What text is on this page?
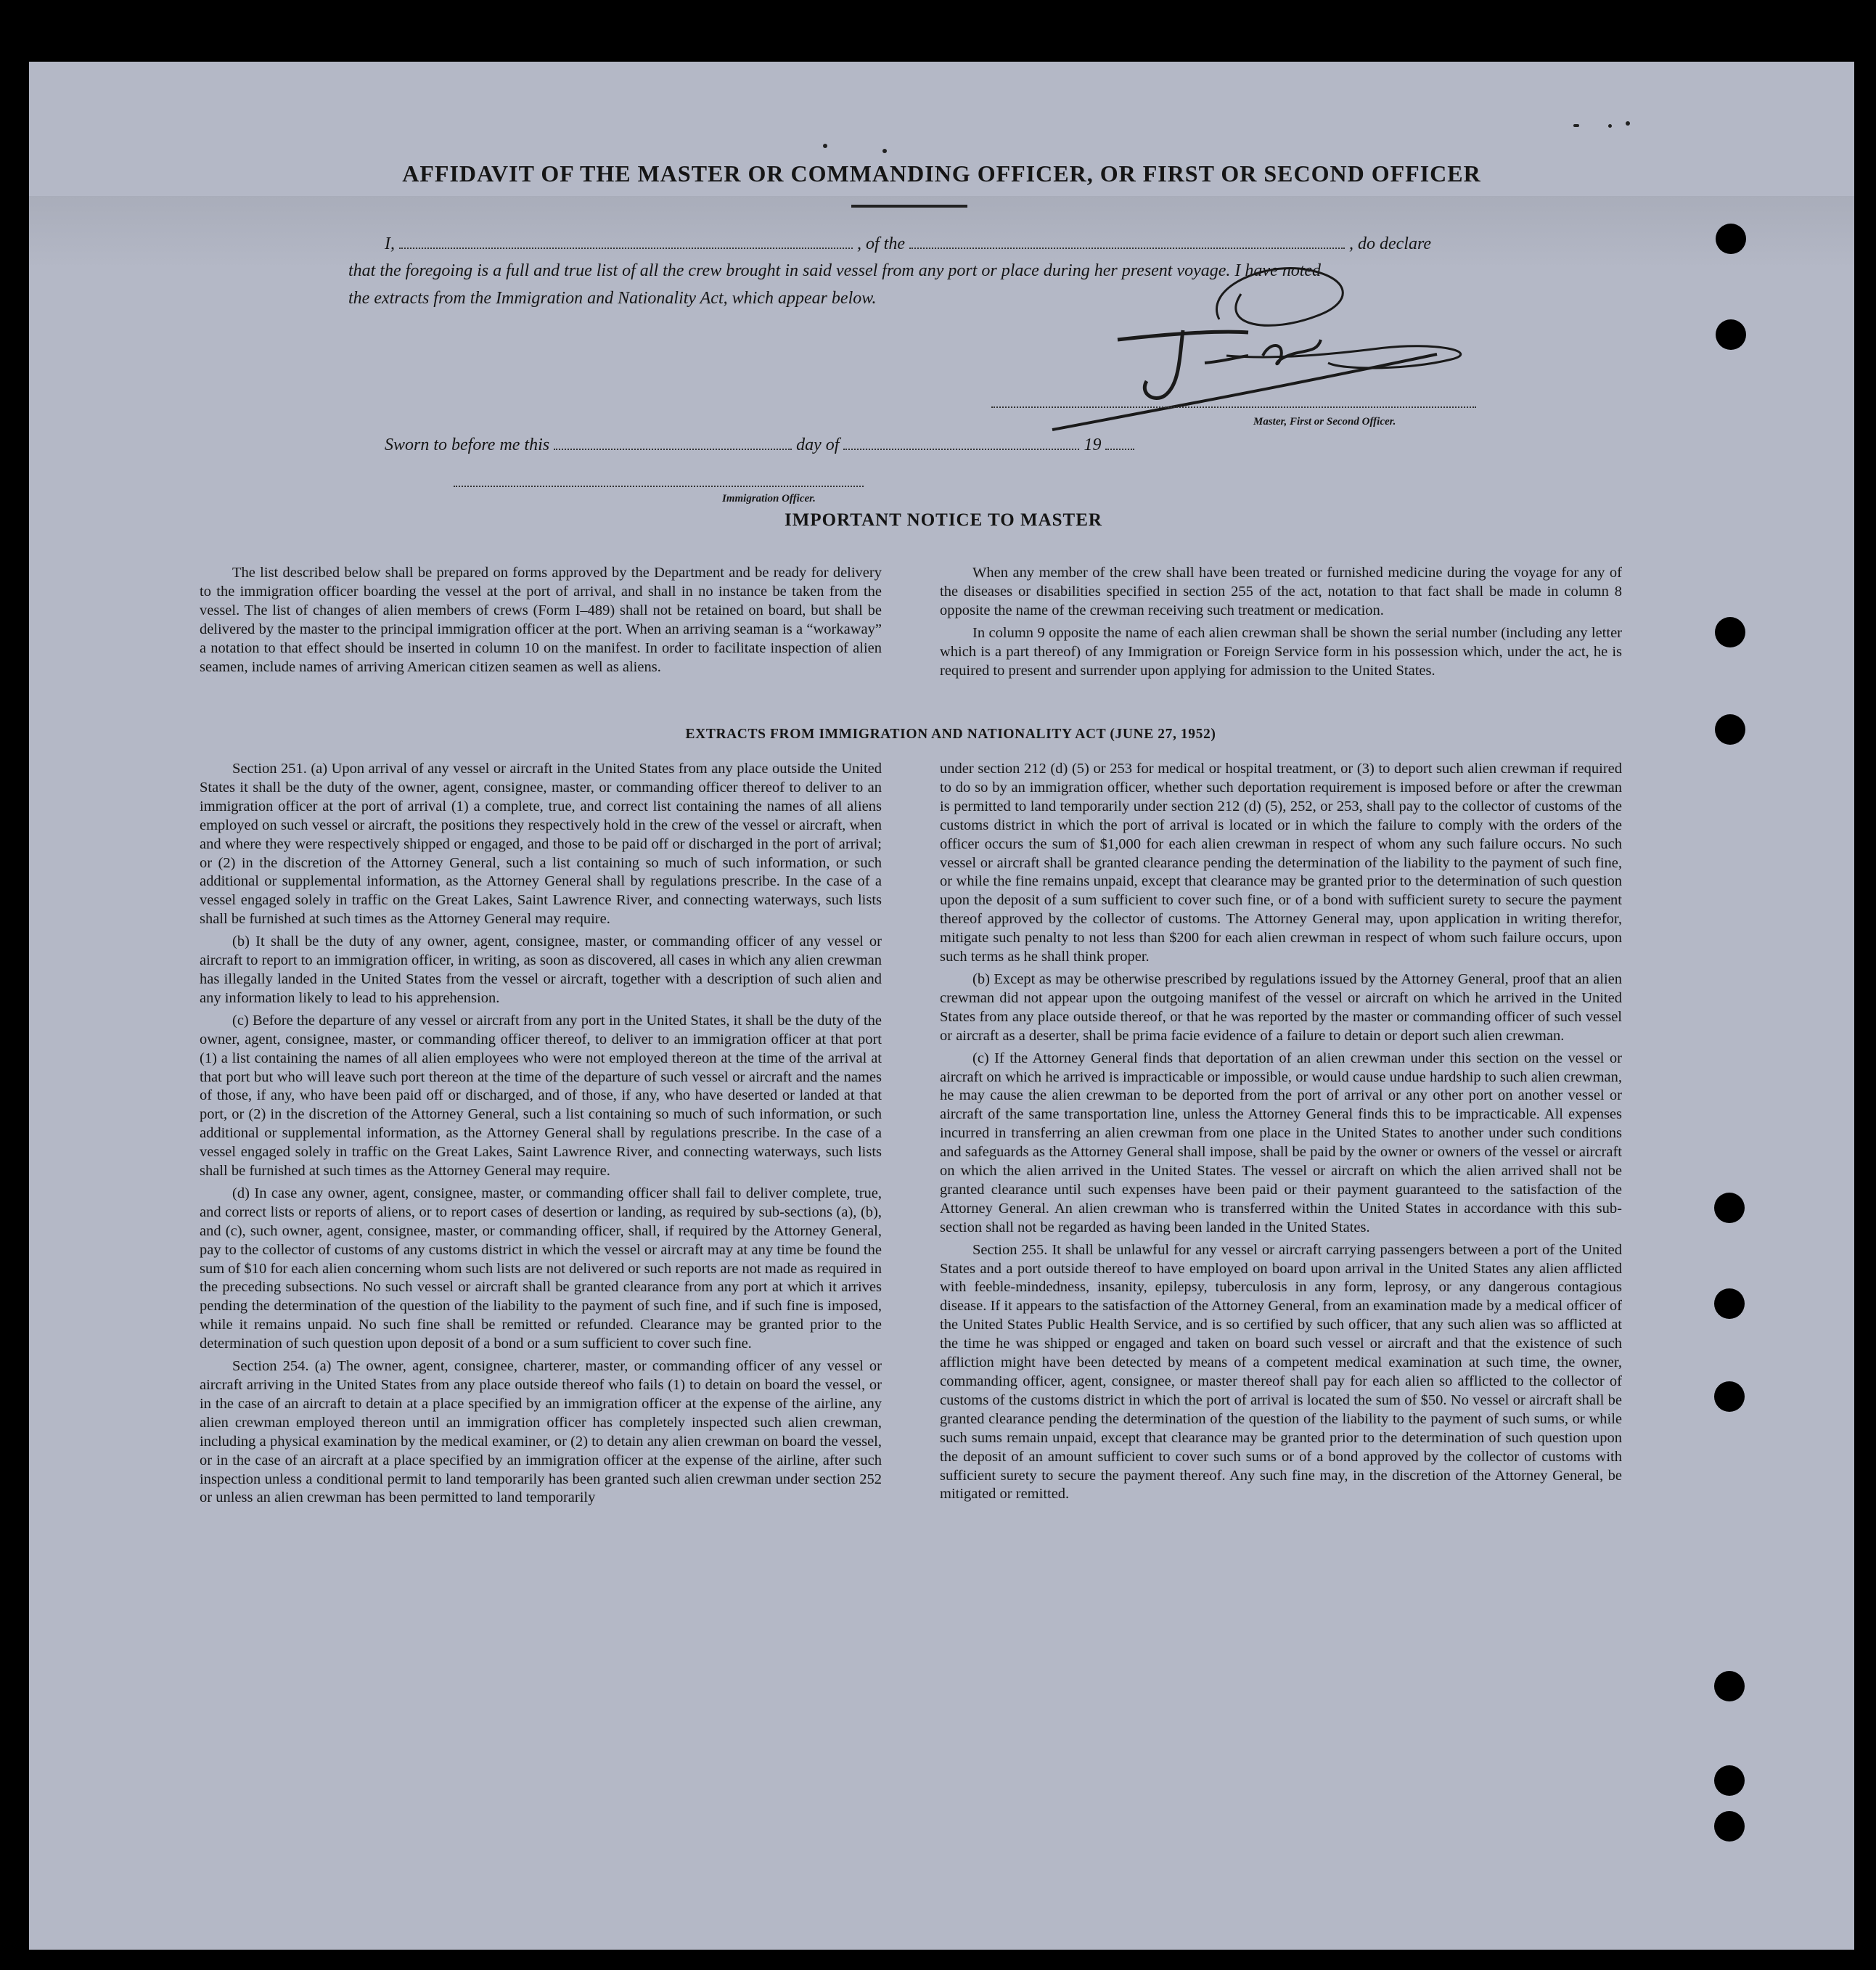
AFFIDAVIT OF THE MASTER OR COMMANDING OFFICER, OR FIRST OR SECOND OFFICER
I,	, of the	, do declare
that the foregoing is a full and true list of all the crew brought in said vessel from any port or place during her present voyage. I have noted
the extracts from the Immigration and Nationality Act, which appear below.
Master, First or Second Officer.
Sworn to before me this	day of	19
Immigration Officer.
IMPORTANT NOTICE TO MASTER

The list described below shall be prepared on forms approved by the Department and be ready for delivery to the immigration officer boarding the vessel at the port of arrival, and shall in no instance be taken from the vessel. The list of changes of alien members of crews (Form I–489) shall not be retained on board, but shall be delivered by the master to the principal immigration officer at the port. When an arriving seaman is a “workaway” a notation to that effect should be inserted in column 10 on the manifest. In order to facilitate inspection of alien seamen, include names of arriving American citizen seamen as well as aliens.

When any member of the crew shall have been treated or furnished medicine during the voyage for any of the diseases or disabilities specified in section 255 of the act, notation to that fact shall be made in column 8 opposite the name of the crewman receiving such treatment or medication.

In column 9 opposite the name of each alien crewman shall be shown the serial number (including any letter which is a part thereof) of any Immigration or Foreign Service form in his possession which, under the act, he is required to present and surrender upon applying for admission to the United States.

EXTRACTS FROM IMMIGRATION AND NATIONALITY ACT (JUNE 27, 1952)

Section 251. (a) Upon arrival of any vessel or aircraft in the United States from any place outside the United States it shall be the duty of the owner, agent, consignee, master, or commanding officer thereof to deliver to an immigration officer at the port of arrival (1) a complete, true, and correct list containing the names of all aliens employed on such vessel or aircraft, the positions they respectively hold in the crew of the vessel or aircraft, when and where they were respectively shipped or engaged, and those to be paid off or discharged in the port of arrival; or (2) in the discretion of the Attorney General, such a list containing so much of such information, or such additional or supplemental information, as the Attorney General shall by regulations prescribe. In the case of a vessel engaged solely in traffic on the Great Lakes, Saint Lawrence River, and connecting waterways, such lists shall be furnished at such times as the Attorney General may require.

(b) It shall be the duty of any owner, agent, consignee, master, or commanding officer of any vessel or aircraft to report to an immigration officer, in writing, as soon as discovered, all cases in which any alien crewman has illegally landed in the United States from the vessel or aircraft, together with a description of such alien and any information likely to lead to his apprehension.

(c) Before the departure of any vessel or aircraft from any port in the United States, it shall be the duty of the owner, agent, consignee, master, or commanding officer thereof, to deliver to an immigration officer at that port (1) a list containing the names of all alien employees who were not employed thereon at the time of the arrival at that port but who will leave such port thereon at the time of the departure of such vessel or aircraft and the names of those, if any, who have been paid off or discharged, and of those, if any, who have deserted or landed at that port, or (2) in the discretion of the Attorney General, such a list containing so much of such information, or such additional or supplemental information, as the Attorney General shall by regulations prescribe. In the case of a vessel engaged solely in traffic on the Great Lakes, Saint Lawrence River, and connecting waterways, such lists shall be furnished at such times as the Attorney General may require.

(d) In case any owner, agent, consignee, master, or commanding officer shall fail to deliver complete, true, and correct lists or reports of aliens, or to report cases of desertion or landing, as required by sub-sections (a), (b), and (c), such owner, agent, consignee, master, or commanding officer, shall, if required by the Attorney General, pay to the collector of customs of any customs district in which the vessel or aircraft may at any time be found the sum of $10 for each alien concerning whom such lists are not delivered or such reports are not made as required in the preceding subsections. No such vessel or aircraft shall be granted clearance from any port at which it arrives pending the determination of the question of the liability to the payment of such fine, and if such fine is imposed, while it remains unpaid. No such fine shall be remitted or refunded. Clearance may be granted prior to the determination of such question upon deposit of a bond or a sum sufficient to cover such fine.

Section 254. (a) The owner, agent, consignee, charterer, master, or commanding officer of any vessel or aircraft arriving in the United States from any place outside thereof who fails (1) to detain on board the vessel, or in the case of an aircraft to detain at a place specified by an immigration officer at the expense of the airline, any alien crewman employed thereon until an immigration officer has completely inspected such alien crewman, including a physical examination by the medical examiner, or (2) to detain any alien crewman on board the vessel, or in the case of an aircraft at a place specified by an immigration officer at the expense of the airline, after such inspection unless a conditional permit to land temporarily has been granted such alien crewman under section 252 or unless an alien crewman has been permitted to land temporarily

under section 212 (d) (5) or 253 for medical or hospital treatment, or (3) to deport such alien crewman if required to do so by an immigration officer, whether such deportation requirement is imposed before or after the crewman is permitted to land temporarily under section 212 (d) (5), 252, or 253, shall pay to the collector of customs of the customs district in which the port of arrival is located or in which the failure to comply with the orders of the officer occurs the sum of $1,000 for each alien crewman in respect of whom any such failure occurs. No such vessel or aircraft shall be granted clearance pending the determination of the liability to the payment of such fine, or while the fine remains unpaid, except that clearance may be granted prior to the determination of such question upon the deposit of a sum sufficient to cover such fine, or of a bond with sufficient surety to secure the payment thereof approved by the collector of customs. The Attorney General may, upon application in writing therefor, mitigate such penalty to not less than $200 for each alien crewman in respect of whom such failure occurs, upon such terms as he shall think proper.

(b) Except as may be otherwise prescribed by regulations issued by the Attorney General, proof that an alien crewman did not appear upon the outgoing manifest of the vessel or aircraft on which he arrived in the United States from any place outside thereof, or that he was reported by the master or commanding officer of such vessel or aircraft as a deserter, shall be prima facie evidence of a failure to detain or deport such alien crewman.

(c) If the Attorney General finds that deportation of an alien crewman under this section on the vessel or aircraft on which he arrived is impracticable or impossible, or would cause undue hardship to such alien crewman, he may cause the alien crewman to be deported from the port of arrival or any other port on another vessel or aircraft of the same transportation line, unless the Attorney General finds this to be impracticable. All expenses incurred in transferring an alien crewman from one place in the United States to another under such conditions and safeguards as the Attorney General shall impose, shall be paid by the owner or owners of the vessel or aircraft on which the alien arrived in the United States. The vessel or aircraft on which the alien arrived shall not be granted clearance until such expenses have been paid or their payment guaranteed to the satisfaction of the Attorney General. An alien crewman who is transferred within the United States in accordance with this sub-section shall not be regarded as having been landed in the United States.

Section 255. It shall be unlawful for any vessel or aircraft carrying passengers between a port of the United States and a port outside thereof to have employed on board upon arrival in the United States any alien afflicted with feeble-mindedness, insanity, epilepsy, tuberculosis in any form, leprosy, or any dangerous contagious disease. If it appears to the satisfaction of the Attorney General, from an examination made by a medical officer of the United States Public Health Service, and is so certified by such officer, that any such alien was so afflicted at the time he was shipped or engaged and taken on board such vessel or aircraft and that the existence of such affliction might have been detected by means of a competent medical examination at such time, the owner, commanding officer, agent, consignee, or master thereof shall pay for each alien so afflicted to the collector of customs of the customs district in which the port of arrival is located the sum of $50. No vessel or aircraft shall be granted clearance pending the determination of the question of the liability to the payment of such sums, or while such sums remain unpaid, except that clearance may be granted prior to the determination of such question upon the deposit of an amount sufficient to cover such sums or of a bond approved by the collector of customs with sufficient surety to secure the payment thereof. Any such fine may, in the discretion of the Attorney General, be mitigated or remitted.
